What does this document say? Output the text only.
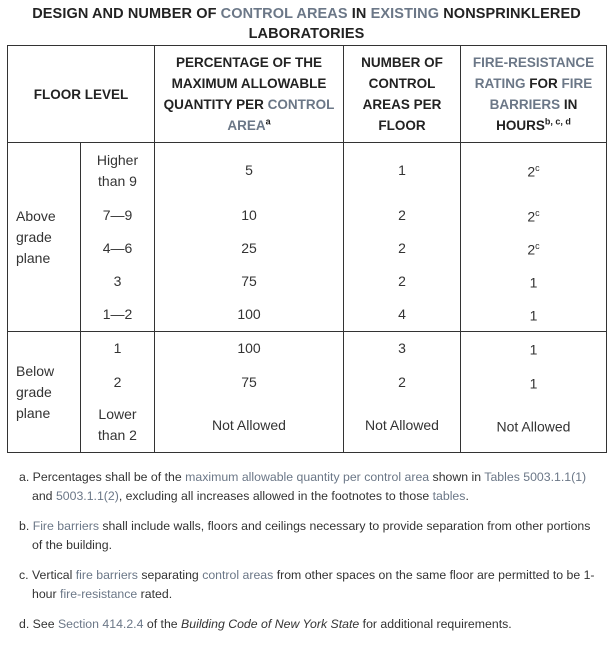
DESIGN AND NUMBER OF CONTROL AREAS IN EXISTING NONSPRINKLERED
LABORATORIES
FLOOR LEVEL		PERCENTAGE OF THE MAXIMUM ALLOWABLE QUANTITY PER CONTROL AREA$^a$	NUMBER OF CONTROL AREAS PER FLOOR	FIRE-RESISTANCE RATING FOR FIRE BARRIERS IN HOURS$^{b, c, d}$
Above grade plane	Higher than 9	5	1	2$^c$
	7—9	10	2	2$^c$
	4—6	25	2	2$^c$
	3	75	2	1
	1—2	100	4	1
Below grade plane	1	100	3	1
	2	75	2	1
	Lower than 2	Not Allowed	Not Allowed	Not Allowed

a. Percentages shall be of the maximum allowable quantity per control area shown in Tables 5003.1.1(1) and 5003.1.1(2), excluding all increases allowed in the footnotes to those tables.

b. Fire barriers shall include walls, floors and ceilings necessary to provide separation from other portions of the building.

c. Vertical fire barriers separating control areas from other spaces on the same floor are permitted to be 1-hour fire-resistance rated.

d. See Section 414.2.4 of the Building Code of New York State for additional requirements.
